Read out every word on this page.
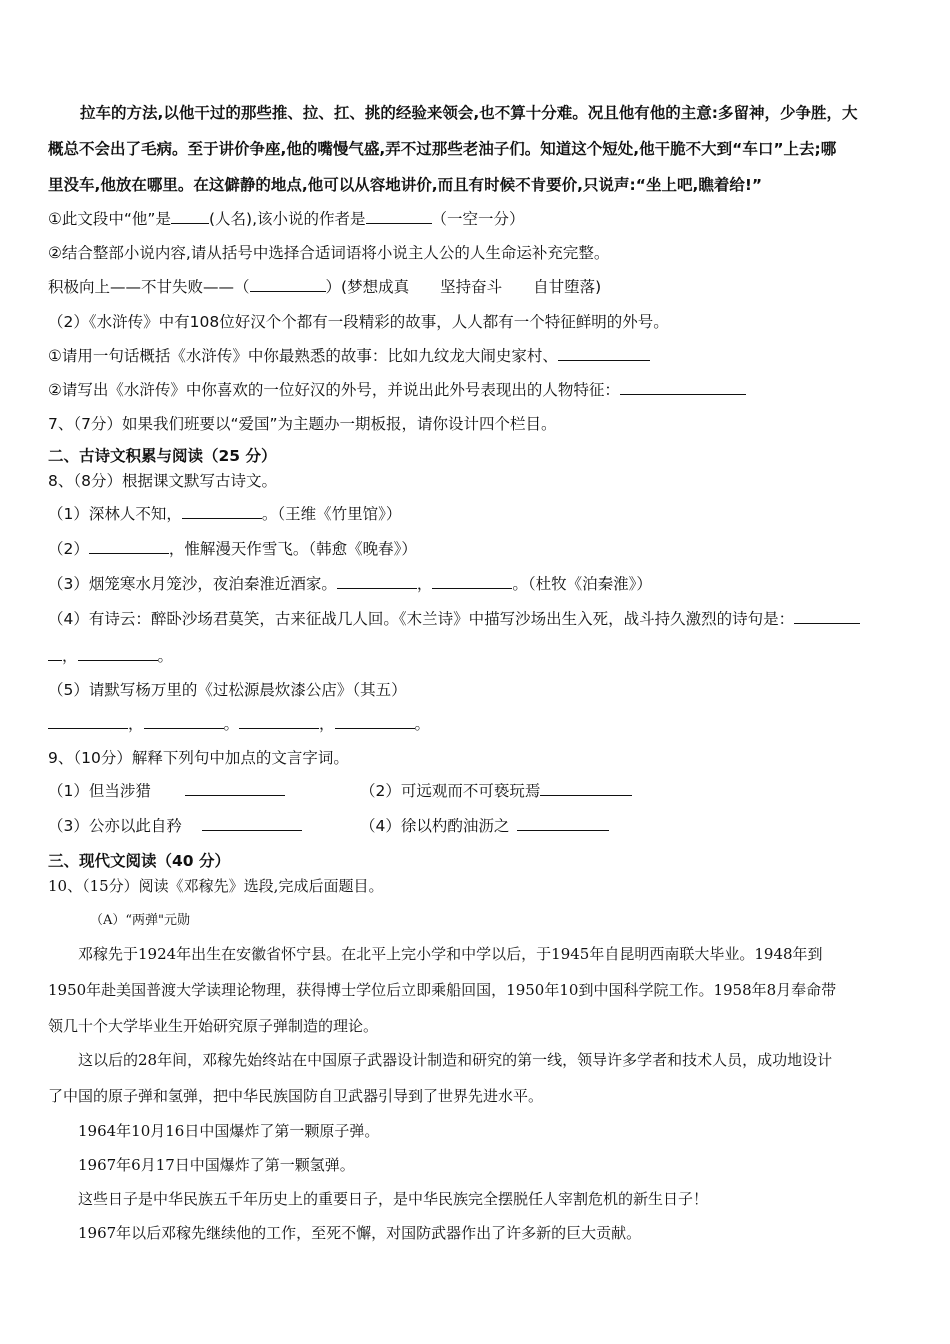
拉车的方法,以他干过的那些推、拉、扛、挑的经验来领会,也不算十分难。况且他有他的主意:多留神，少争胜，大
概总不会出了毛病。至于讲价争座,他的嘴慢气盛,弄不过那些老油子们。知道这个短处,他干脆不大到“车口”上去;哪
里没车,他放在哪里。在这僻静的地点,他可以从容地讲价,而且有时候不肯要价,只说声:“坐上吧,瞧着给!”
①此文段中“他”是 (人名),该小说的作者是	（一空一分）
②结合整部小说内容,请从括号中选择合适词语将小说主人公的人生命运补充完整。
积极向上——不甘失败——（	）(梦想成真　　坚持奋斗　　自甘堕落)
（2）《水浒传》中有108位好汉个个都有一段精彩的故事，人人都有一个特征鲜明的外号。
①请用一句话概括《水浒传》中你最熟悉的故事：比如九纹龙大闹史家村、
②请写出《水浒传》中你喜欢的一位好汉的外号，并说出此外号表现出的人物特征：
7、（7分）如果我们班要以“爱国”为主题办一期板报，请你设计四个栏目。
二、古诗文积累与阅读（25 分）
8、（8分）根据课文默写古诗文。
（1）深林人不知，	。（王维《竹里馆》）
（2）	，惟解漫天作雪飞。（韩愈《晚春》）
（3）烟笼寒水月笼沙，夜泊秦淮近酒家。	，	。（杜牧《泊秦淮》）
（4）有诗云：醉卧沙场君莫笑，古来征战几人回。《木兰诗》中描写沙场出生入死，战斗持久激烈的诗句是：
，	。
（5）请默写杨万里的《过松源晨炊漆公店》（其五）
，	。	，	。
9、（10分）解释下列句中加点的文言字词。
（1）但当涉猎	（2）可远观而不可亵玩焉
（3）公亦以此自矜	（4）徐以杓酌油沥之
三、现代文阅读（40 分）
10、（15分）阅读《邓稼先》选段,完成后面题目。
（A）“两弹"元勋
邓稼先于1924年出生在安徽省怀宁县。在北平上完小学和中学以后，于1945年自昆明西南联大毕业。1948年到
1950年赴美国普渡大学读理论物理，获得博士学位后立即乘船回国，1950年10到中国科学院工作。1958年8月奉命带
领几十个大学毕业生开始研究原子弹制造的理论。
这以后的28年间，邓稼先始终站在中国原子武器设计制造和研究的第一线，领导许多学者和技术人员，成功地设计
了中国的原子弹和氢弹，把中华民族国防自卫武器引导到了世界先进水平。
1964年10月16日中国爆炸了第一颗原子弹。
1967年6月17日中国爆炸了第一颗氢弹。
这些日子是中华民族五千年历史上的重要日子，是中华民族完全摆脱任人宰割危机的新生日子！
1967年以后邓稼先继续他的工作，至死不懈，对国防武器作出了许多新的巨大贡献。
